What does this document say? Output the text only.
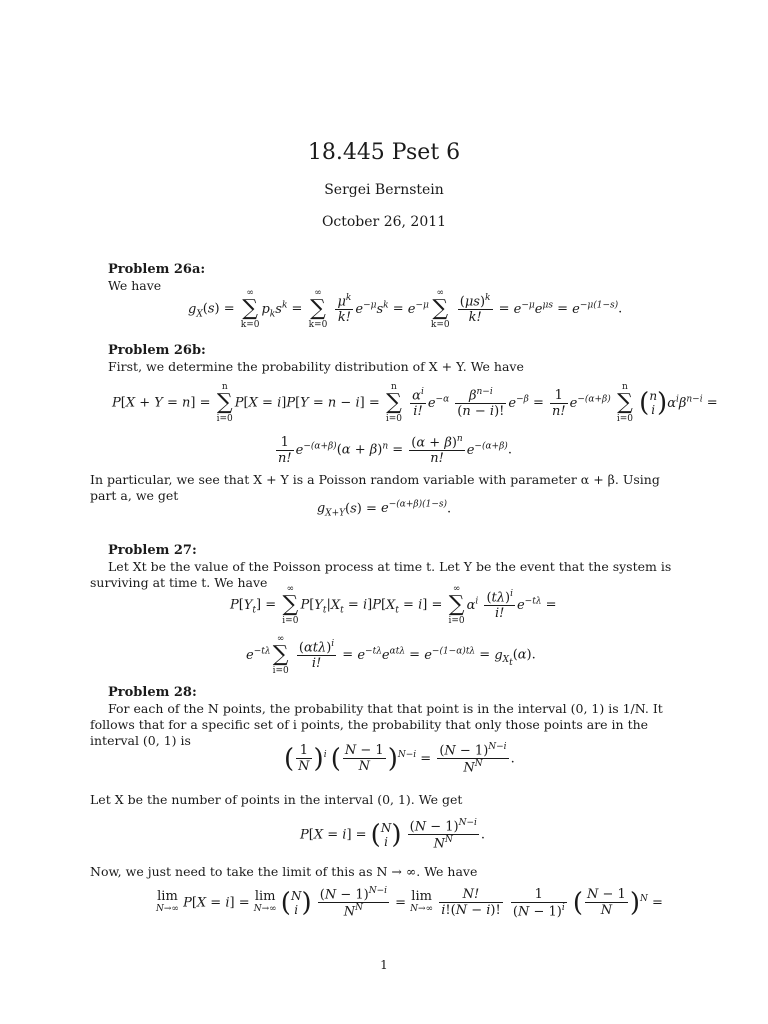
18.445 Pset 6
Sergei Bernstein
October 26, 2011
Problem 26a:
We have
$g_X(s)$ =
∞
∑
k=0
$p_ks^k$ =
∞
∑
k=0
$\frac{\mu^k}{k!} e^{-\mu}s^k = e^{-\mu}$
∞
∑
k=0
$\frac{(\mu s)^k}{k!} = e^{-\mu}e^{\mu s} = e^{-\mu(1-s)}$.
Problem 26b:
First, we determine the probability distribution of X + Y. We have
P[X + Y = n] =
n
∑
i=0
P[X = i]P[Y = n − i] =
n
∑
i=0
$\frac{\alpha^i}{i!} e^{-\alpha} \frac{\beta^{n-i}}{(n - i)!} e^{-\beta} = \frac{1}{n!} e^{-(\alpha+\beta)}$
n
∑
i=0
( n
i )$\alpha^i\beta^{n-i}$ =
$\frac{1}{n!} e^{-(\alpha+\beta)}(\alpha + \beta)^n = \frac{(\alpha + \beta)^n}{n!} e^{-(\alpha+\beta)}$.
In particular, we see that X + Y is a Poisson random variable with parameter α + β. Using part a, we get
$g_{X+Y}(s) = e^{-(\alpha+\beta)(1-s)}$.
Problem 27:
Let Xt be the value of the Poisson process at time t. Let Y be the event that the system is surviving at time t. We have
$P[Y_t]$ =
∞
∑
i=0
$P[Y_t|X_t = i]P[X_t = i]$ =
∞
∑
i=0
$\alpha^i \frac{(t\lambda)^i}{i!} e^{-t\lambda}$ =
$e^{-t\lambda}$
∞
∑
i=0
$\frac{(\alpha t\lambda)^i}{i!} = e^{-t\lambda}e^{\alpha t\lambda} = e^{-(1-\alpha)t\lambda} = g_{X_t}(\alpha)$.
Problem 28:
For each of the N points, the probability that that point is in the interval (0, 1) is 1/N. It follows that for a specific set of i points, the probability that only those points are in the interval (0, 1) is
( $\frac{1}{N} )^i$ ( $\frac{N - 1}{N} )^{N-i} = \frac{(N - 1)^{N-i}}{N^N}$ .
Let X be the number of points in the interval (0, 1). We get
P[X = i] = ( N
i ) $\frac{(N - 1)^{N-i}}{N^N}$ .
Now, we just need to take the limit of this as N → ∞. We have
lim
N→∞ P[X = i] = lim
N→∞ ( N
i ) $\frac{(N - 1)^{N-i}}{N^N} = \lim$
N→∞
$\frac{N!}{i!(N - i)!}$
$\frac{1}{(N - 1)^i}$ ( $\frac{N - 1}{N} )^N$ =
1
